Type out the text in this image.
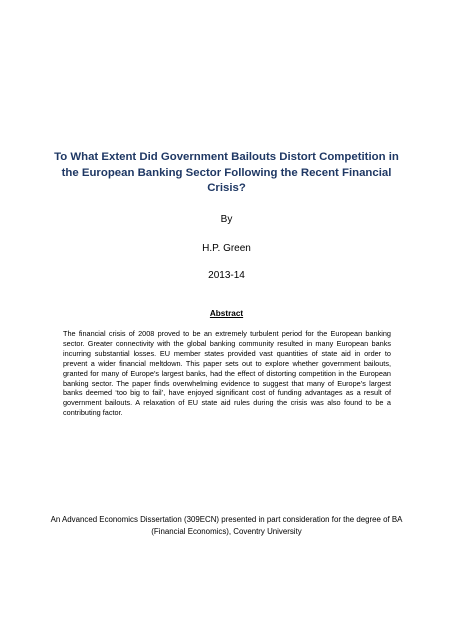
To What Extent Did Government Bailouts Distort Competition in the European Banking Sector Following the Recent Financial Crisis?
By
H.P. Green
2013-14
Abstract
The financial crisis of 2008 proved to be an extremely turbulent period for the European banking sector. Greater connectivity with the global banking community resulted in many European banks incurring substantial losses. EU member states provided vast quantities of state aid in order to prevent a wider financial meltdown. This paper sets out to explore whether government bailouts, granted for many of Europe’s largest banks, had the effect of distorting competition in the European banking sector. The paper finds overwhelming evidence to suggest that many of Europe’s largest banks deemed ‘too big to fail’, have enjoyed significant cost of funding advantages as a result of government bailouts. A relaxation of EU state aid rules during the crisis was also found to be a contributing factor.
An Advanced Economics Dissertation (309ECN) presented in part consideration for the degree of BA (Financial Economics), Coventry University
